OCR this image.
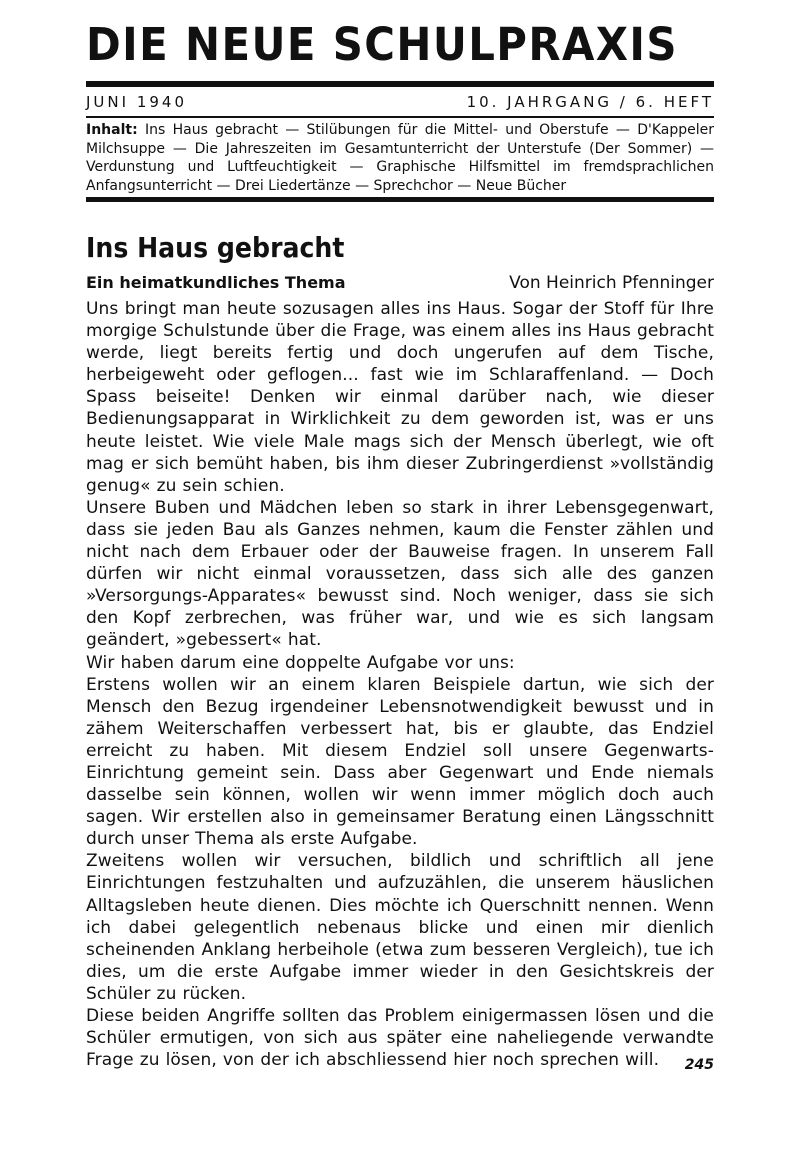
DIE NEUE SCHULPRAXIS
JUNI 1940	10. JAHRGANG / 6. HEFT
Inhalt: Ins Haus gebracht — Stilübungen für die Mittel- und Oberstufe — D'Kappeler Milchsuppe — Die Jahreszeiten im Gesamtunterricht der Unterstufe (Der Sommer) — Verdunstung und Luftfeuchtigkeit — Graphische Hilfsmittel im fremdsprachlichen Anfangsunterricht — Drei Liedertänze — Sprechchor — Neue Bücher
Ins Haus gebracht
Ein heimatkundliches Thema	Von Heinrich Pfenninger

Uns bringt man heute sozusagen alles ins Haus. Sogar der Stoff für Ihre morgige Schulstunde über die Frage, was einem alles ins Haus gebracht werde, liegt bereits fertig und doch ungerufen auf dem Tische, herbeigeweht oder geflogen... fast wie im Schlaraffenland. — Doch Spass beiseite! Denken wir einmal darüber nach, wie dieser Bedienungsapparat in Wirklichkeit zu dem geworden ist, was er uns heute leistet. Wie viele Male mags sich der Mensch überlegt, wie oft mag er sich bemüht haben, bis ihm dieser Zubringerdienst »vollständig genug« zu sein schien.

Unsere Buben und Mädchen leben so stark in ihrer Lebensgegenwart, dass sie jeden Bau als Ganzes nehmen, kaum die Fenster zählen und nicht nach dem Erbauer oder der Bauweise fragen. In unserem Fall dürfen wir nicht einmal voraussetzen, dass sich alle des ganzen »Versorgungs-Apparates« bewusst sind. Noch weniger, dass sie sich den Kopf zerbrechen, was früher war, und wie es sich langsam geändert, »gebessert« hat.

Wir haben darum eine doppelte Aufgabe vor uns:

Erstens wollen wir an einem klaren Beispiele dartun, wie sich der Mensch den Bezug irgendeiner Lebensnotwendigkeit bewusst und in zähem Weiterschaffen verbessert hat, bis er glaubte, das Endziel erreicht zu haben. Mit diesem Endziel soll unsere Gegenwarts-Einrichtung gemeint sein. Dass aber Gegenwart und Ende niemals dasselbe sein können, wollen wir wenn immer möglich doch auch sagen. Wir erstellen also in gemeinsamer Beratung einen Längsschnitt durch unser Thema als erste Aufgabe.

Zweitens wollen wir versuchen, bildlich und schriftlich all jene Einrichtungen festzuhalten und aufzuzählen, die unserem häuslichen Alltagsleben heute dienen. Dies möchte ich Querschnitt nennen. Wenn ich dabei gelegentlich nebenaus blicke und einen mir dienlich scheinenden Anklang herbeihole (etwa zum besseren Vergleich), tue ich dies, um die erste Aufgabe immer wieder in den Gesichtskreis der Schüler zu rücken.

Diese beiden Angriffe sollten das Problem einigermassen lösen und die Schüler ermutigen, von sich aus später eine naheliegende verwandte Frage zu lösen, von der ich abschliessend hier noch sprechen will.	245
